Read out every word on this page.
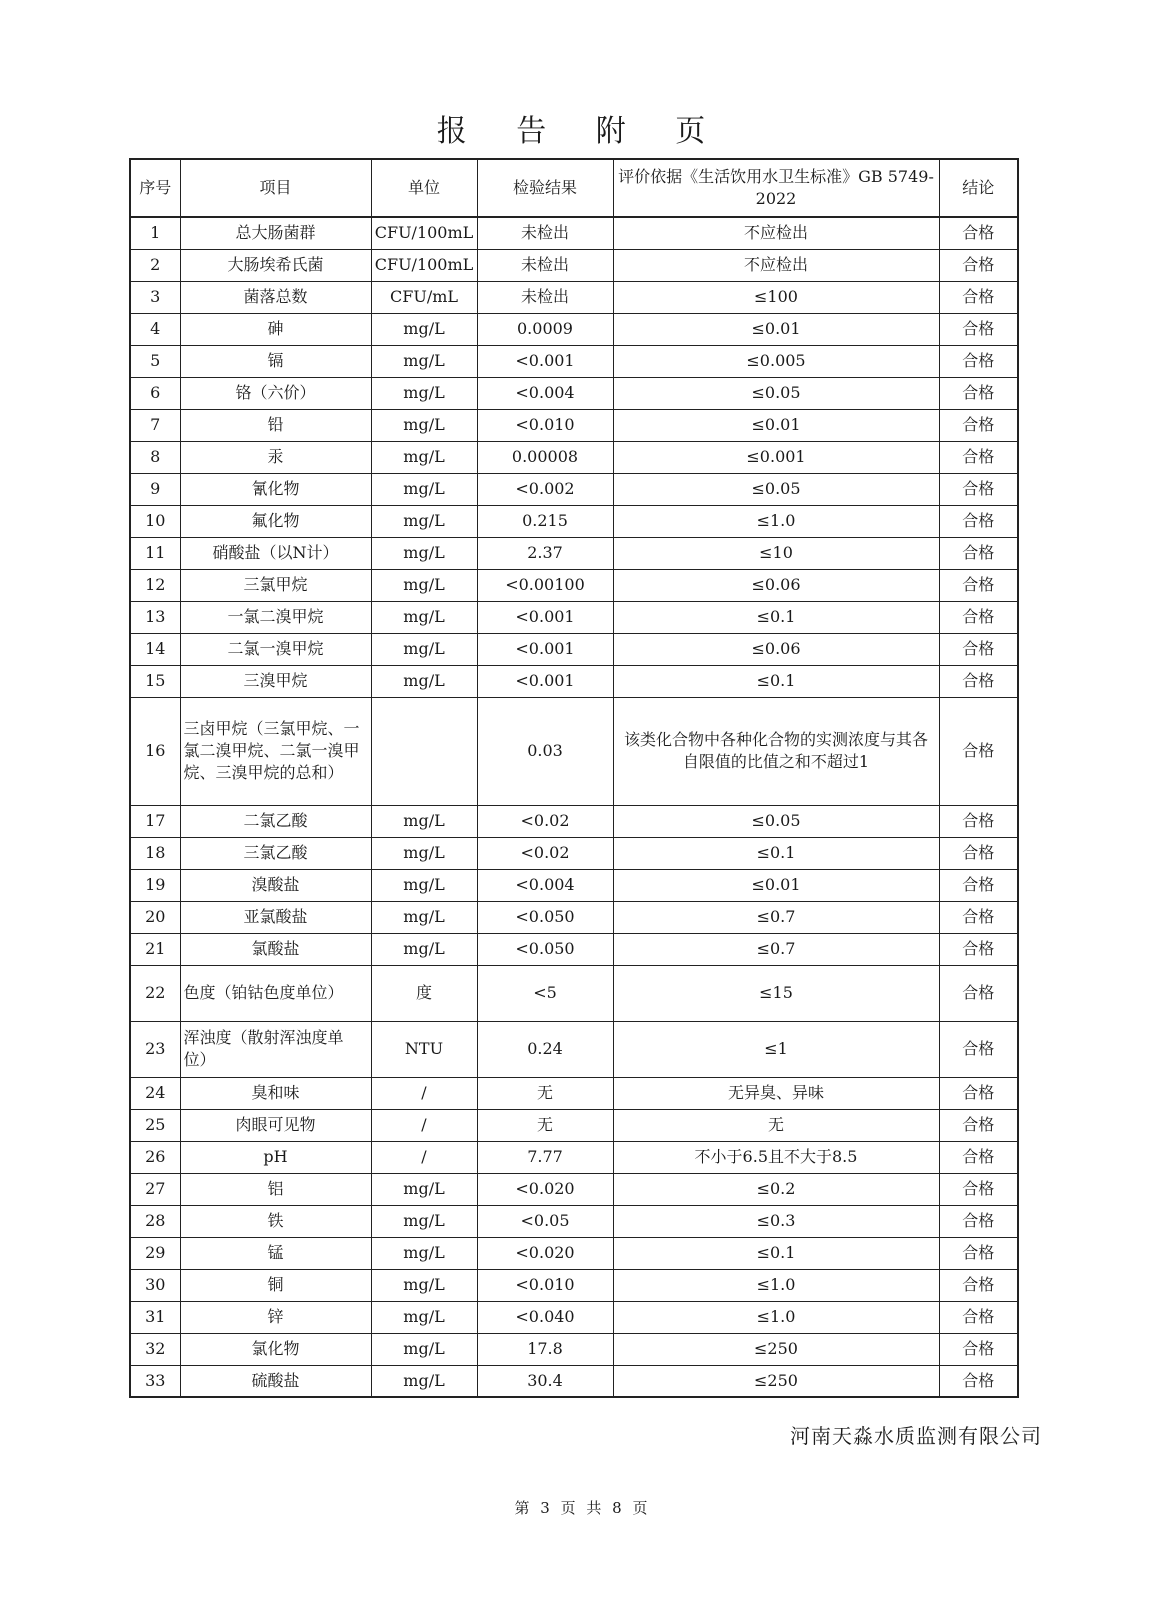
报 告 附 页
序号	项目	单位	检验结果	评价依据《生活饮用水卫生标准》GB 5749-2022	结论
1	总大肠菌群	CFU/100mL	未检出	不应检出	合格
2	大肠埃希氏菌	CFU/100mL	未检出	不应检出	合格
3	菌落总数	CFU/mL	未检出	≤100	合格
4	砷	mg/L	0.0009	≤0.01	合格
5	镉	mg/L	<0.001	≤0.005	合格
6	铬（六价）	mg/L	<0.004	≤0.05	合格
7	铅	mg/L	<0.010	≤0.01	合格
8	汞	mg/L	0.00008	≤0.001	合格
9	氰化物	mg/L	<0.002	≤0.05	合格
10	氟化物	mg/L	0.215	≤1.0	合格
11	硝酸盐（以N计）	mg/L	2.37	≤10	合格
12	三氯甲烷	mg/L	<0.00100	≤0.06	合格
13	一氯二溴甲烷	mg/L	<0.001	≤0.1	合格
14	二氯一溴甲烷	mg/L	<0.001	≤0.06	合格
15	三溴甲烷	mg/L	<0.001	≤0.1	合格
16	三卤甲烷（三氯甲烷、一氯二溴甲烷、二氯一溴甲烷、三溴甲烷的总和）		0.03	该类化合物中各种化合物的实测浓度与其各自限值的比值之和不超过1	合格
17	二氯乙酸	mg/L	<0.02	≤0.05	合格
18	三氯乙酸	mg/L	<0.02	≤0.1	合格
19	溴酸盐	mg/L	<0.004	≤0.01	合格
20	亚氯酸盐	mg/L	<0.050	≤0.7	合格
21	氯酸盐	mg/L	<0.050	≤0.7	合格
22	色度（铂钴色度单位）	度	<5	≤15	合格
23	浑浊度（散射浑浊度单位）	NTU	0.24	≤1	合格
24	臭和味	/	无	无异臭、异味	合格
25	肉眼可见物	/	无	无	合格
26	pH	/	7.77	不小于6.5且不大于8.5	合格
27	铝	mg/L	<0.020	≤0.2	合格
28	铁	mg/L	<0.05	≤0.3	合格
29	锰	mg/L	<0.020	≤0.1	合格
30	铜	mg/L	<0.010	≤1.0	合格
31	锌	mg/L	<0.040	≤1.0	合格
32	氯化物	mg/L	17.8	≤250	合格
33	硫酸盐	mg/L	30.4	≤250	合格
河南天淼水质监测有限公司
第 3 页 共 8 页
